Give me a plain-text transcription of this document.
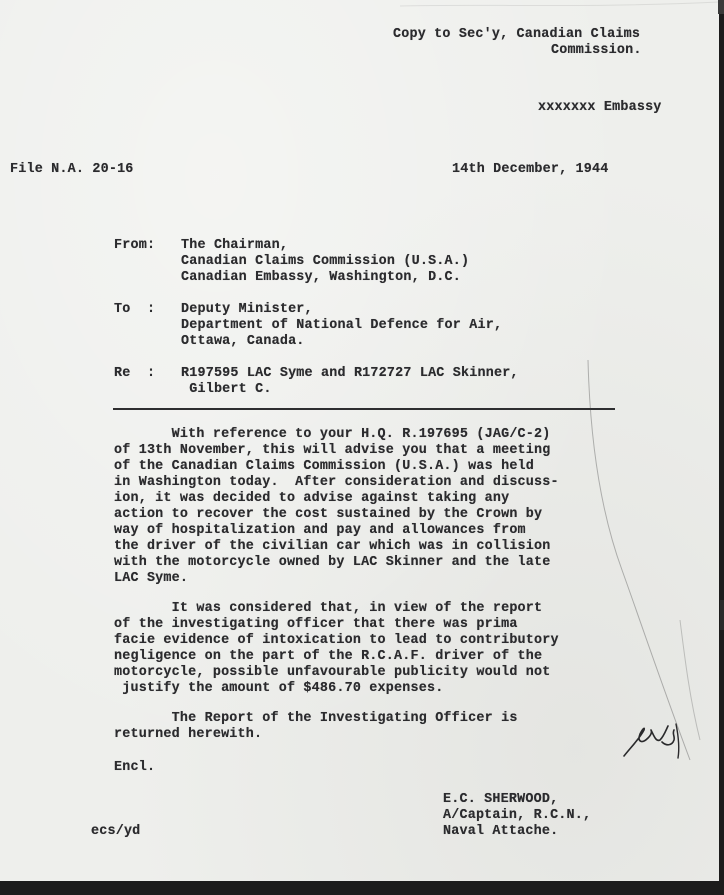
Copy to Sec'y, Canadian Claims
Commission.
xxxxxxx Embassy
File N.A. 20-16	14th December, 1944
From: The Chairman,
Canadian Claims Commission (U.S.A.)
Canadian Embassy, Washington, D.C.
To  : Deputy Minister,
Department of National Defence for Air,
Ottawa, Canada.
Re  : R197595 LAC Syme and R172727 LAC Skinner,
Gilbert C.
With reference to your H.Q. R.197695 (JAG/C-2)
of 13th November, this will advise you that a meeting
of the Canadian Claims Commission (U.S.A.) was held
in Washington today.  After consideration and discuss-
ion, it was decided to advise against taking any
action to recover the cost sustained by the Crown by
way of hospitalization and pay and allowances from
the driver of the civilian car which was in collision
with the motorcycle owned by LAC Skinner and the late
LAC Syme.
It was considered that, in view of the report
of the investigating officer that there was prima
facie evidence of intoxication to lead to contributory
negligence on the part of the R.C.A.F. driver of the
motorcycle, possible unfavourable publicity would not
justify the amount of $486.70 expenses.
The Report of the Investigating Officer is
returned herewith.
Encl.
E.C. SHERWOOD,
A/Captain, R.C.N.,
Naval Attache.
ecs/yd
